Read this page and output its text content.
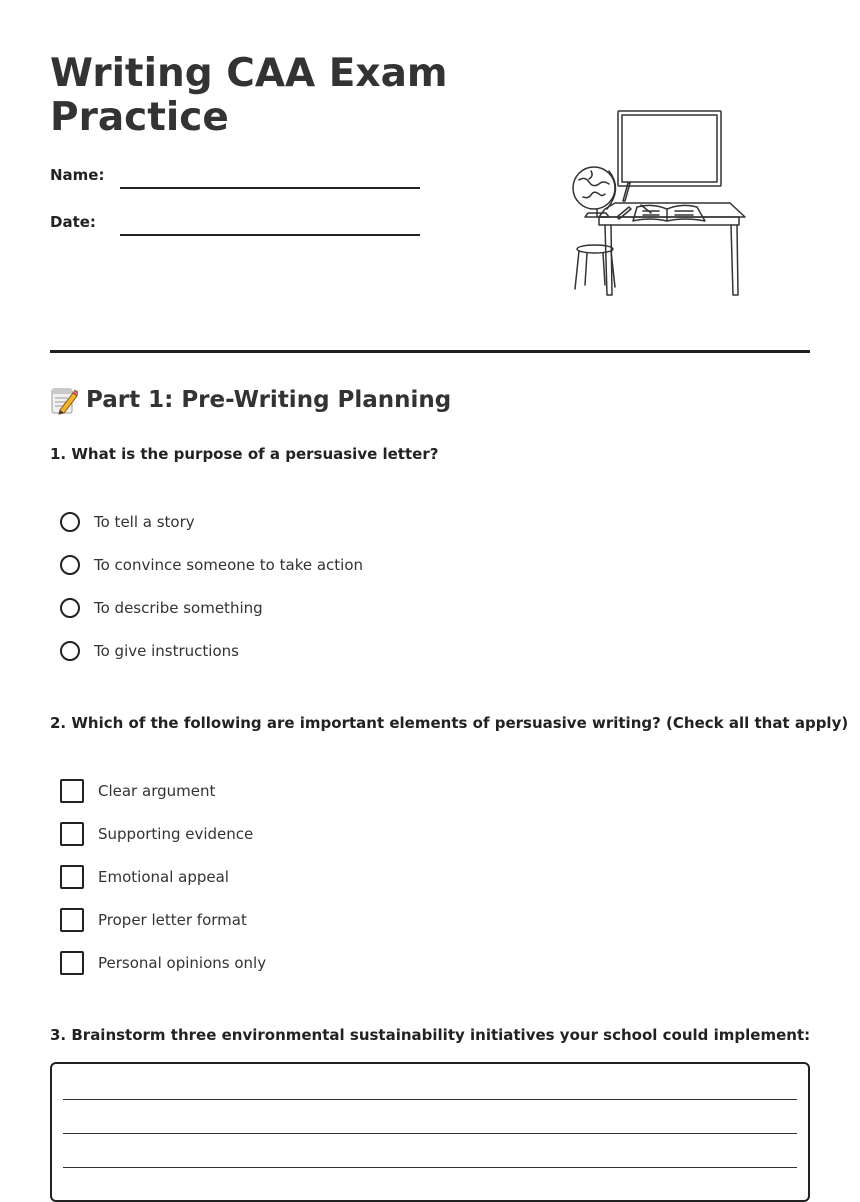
Writing CAA Exam Practice
Name:
Date:
Part 1: Pre-Writing Planning
1. What is the purpose of a persuasive letter?
To tell a story
To convince someone to take action
To describe something
To give instructions
2. Which of the following are important elements of persuasive writing? (Check all that apply)
Clear argument
Supporting evidence
Emotional appeal
Proper letter format
Personal opinions only
3. Brainstorm three environmental sustainability initiatives your school could implement:
